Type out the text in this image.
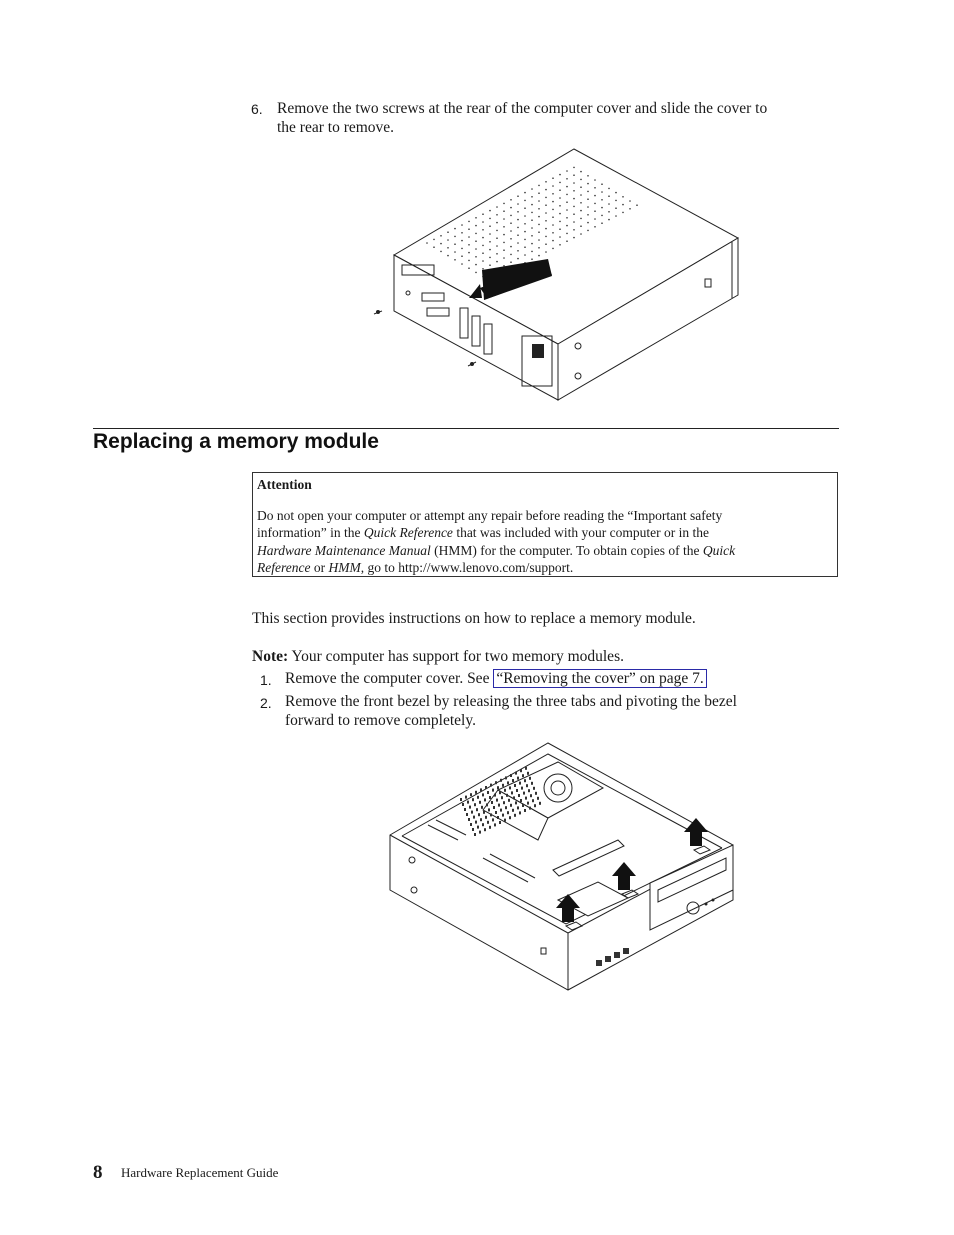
6. Remove the two screws at the rear of the computer cover and slide the cover to
the rear to remove.
Replacing a memory module
Attention
Do not open your computer or attempt any repair before reading the “Important safety
information” in the Quick Reference that was included with your computer or in the
Hardware Maintenance Manual (HMM) for the computer. To obtain copies of the Quick
Reference or HMM, go to http://www.lenovo.com/support.
This section provides instructions on how to replace a memory module.
Note: Your computer has support for two memory modules.
1. Remove the computer cover. See “Removing the cover” on page 7.
2. Remove the front bezel by releasing the three tabs and pivoting the bezel
forward to remove completely.
8 Hardware Replacement Guide
